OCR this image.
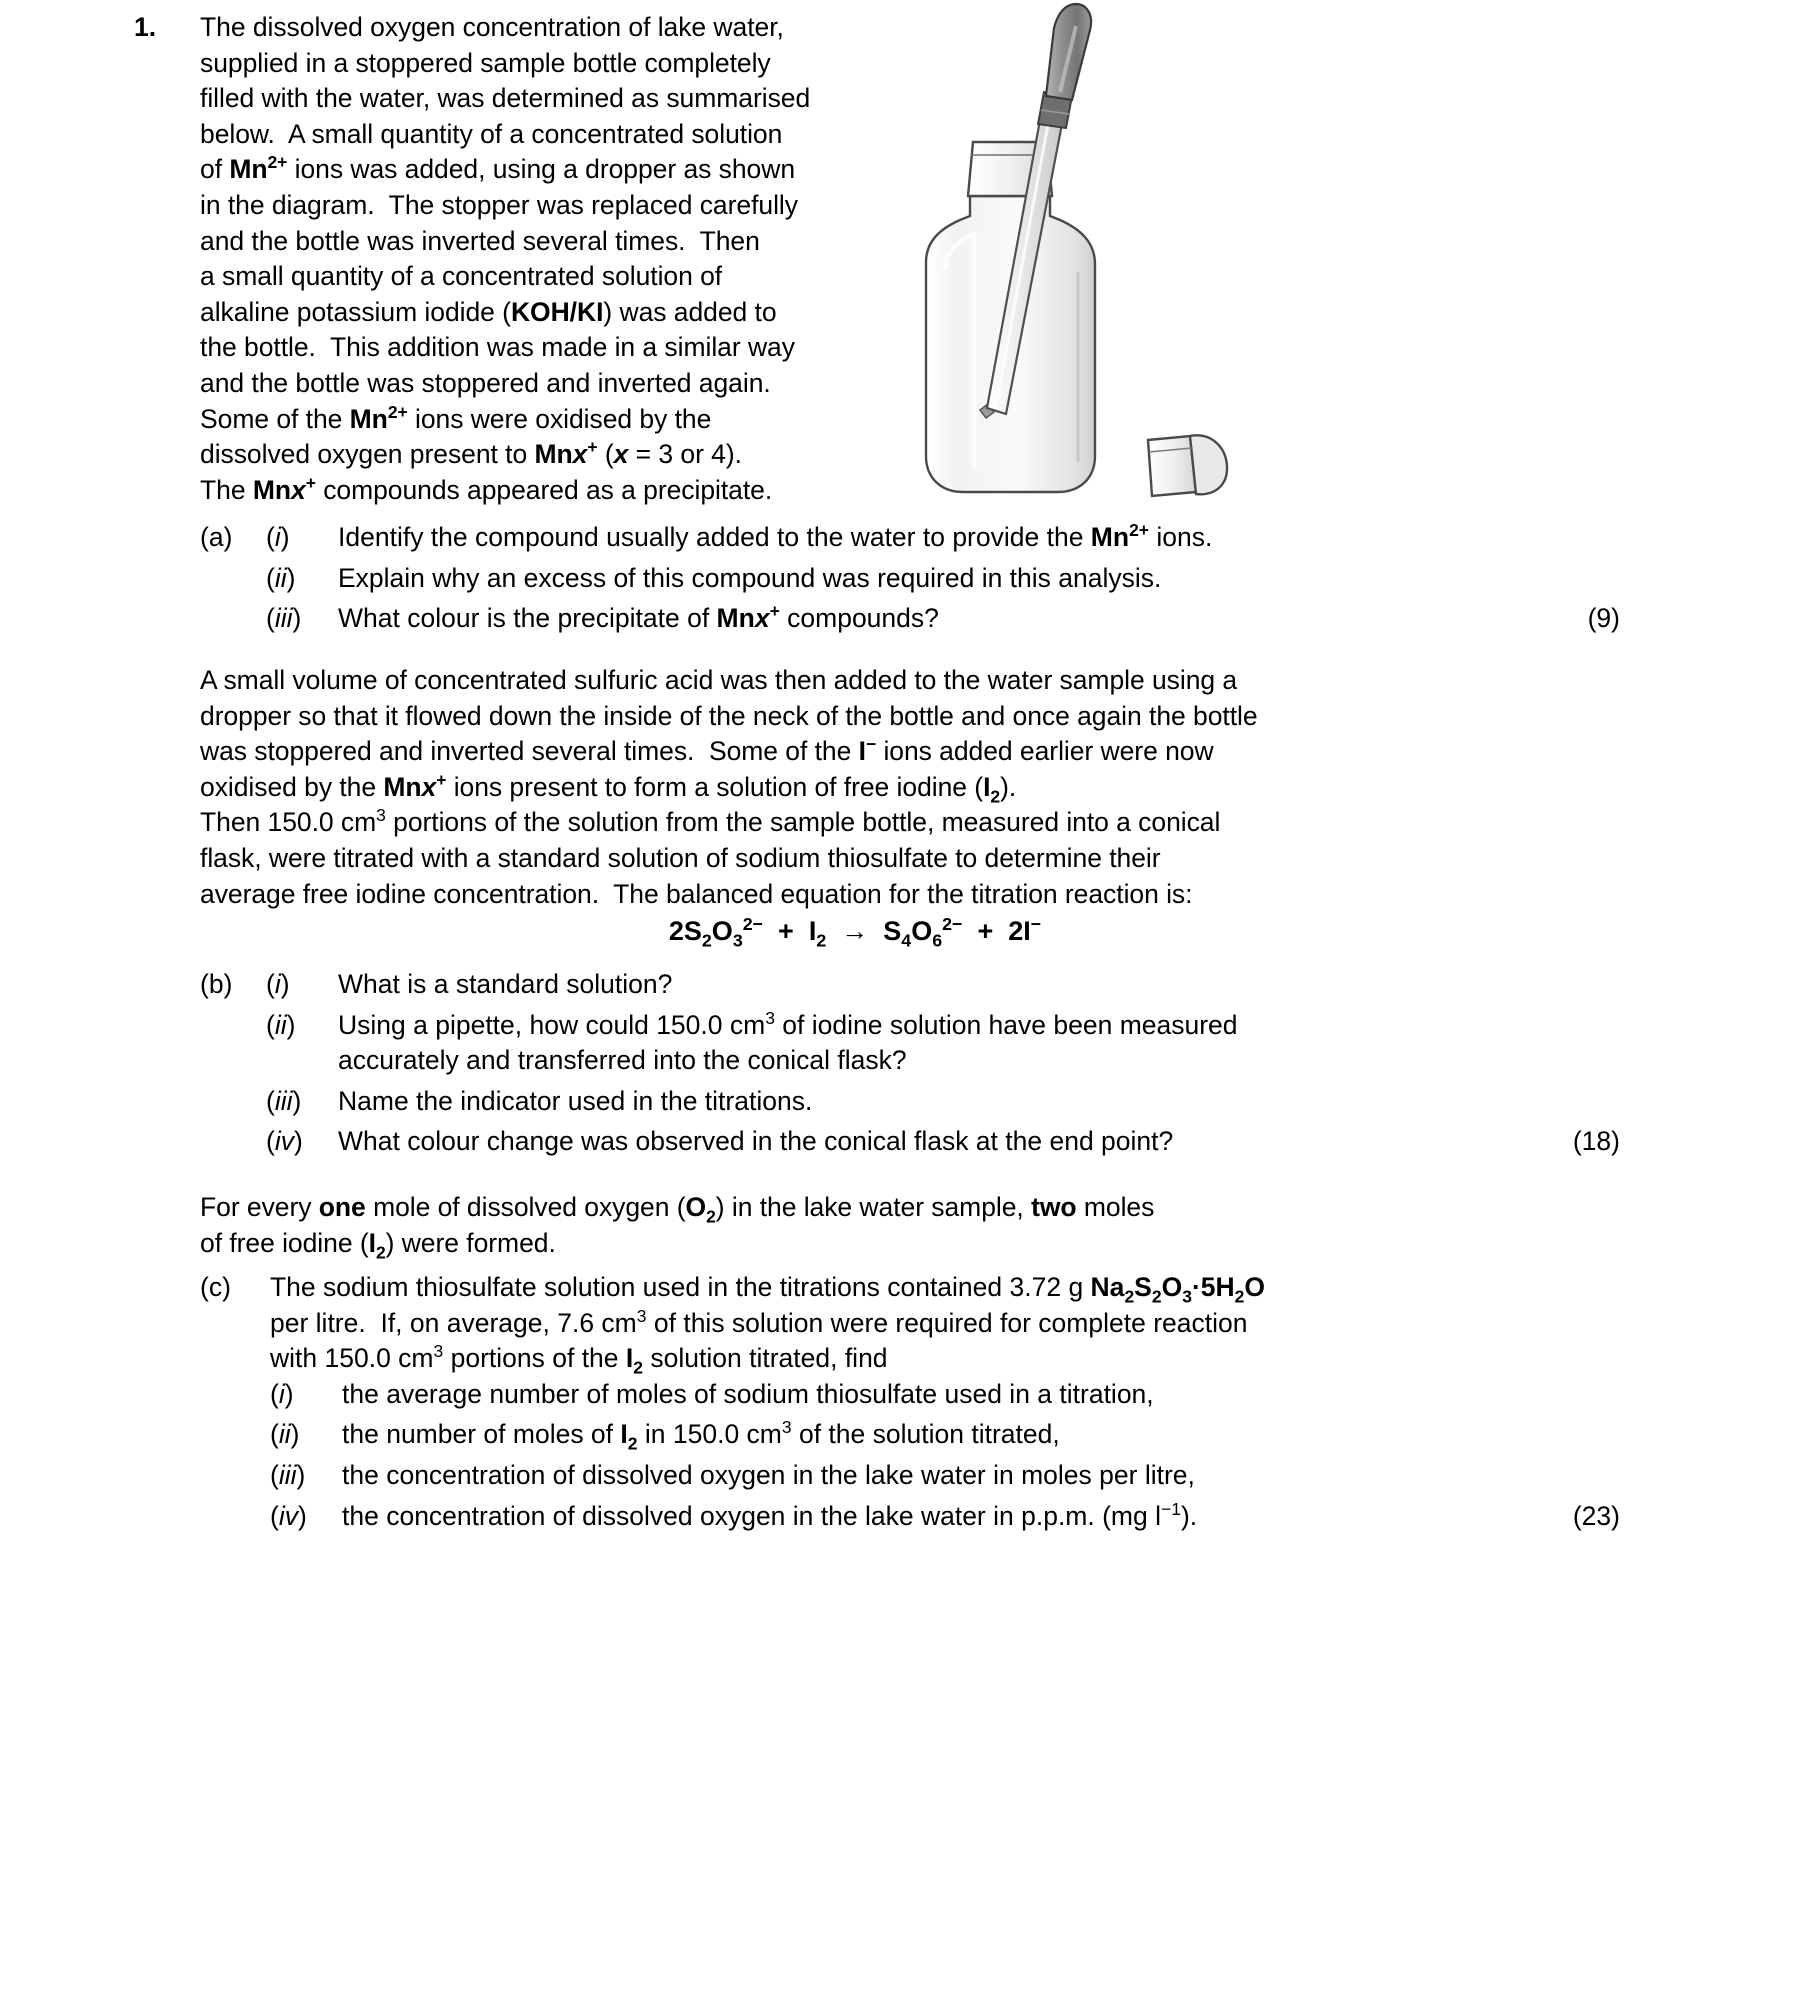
1. The dissolved oxygen concentration of lake water,

supplied in a stoppered sample bottle completely

filled with the water, was determined as summarised

below.  A small quantity of a concentrated solution

of $Mn^{2+}$ ions was added, using a dropper as shown

in the diagram.  The stopper was replaced carefully

and the bottle was inverted several times.  Then

a small quantity of a concentrated solution of

alkaline potassium iodide (KOH/KI) was added to

the bottle.  This addition was made in a similar way

and the bottle was stoppered and inverted again.

Some of the $Mn^{2+}$ ions were oxidised by the

dissolved oxygen present to Mnx+ (x = 3 or 4).

The Mnx+ compounds appeared as a precipitate.

(a)	(i)	Identify the compound usually added to the water to provide the $Mn^{2+}$ ions.
(ii)	Explain why an excess of this compound was required in this analysis.
(iii)	What colour is the precipitate of Mnx+ compounds?	(9)

A small volume of concentrated sulfuric acid was then added to the water sample using a

dropper so that it flowed down the inside of the neck of the bottle and once again the bottle

was stoppered and inverted several times.  Some of the I− ions added earlier were now

oxidised by the Mnx+ ions present to form a solution of free iodine $(I_2)$.

Then 150.0 $cm^3$ portions of the solution from the sample bottle, measured into a conical

flask, were titrated with a standard solution of sodium thiosulfate to determine their

average free iodine concentration.  The balanced equation for the titration reaction is:

$2S_2O_3^{2-} + I_2 \to S_4O_6^{2-} + 2I^-$
(b)	(i)	What is a standard solution?
(ii)	Using a pipette, how could 150.0 $cm^3$ of iodine solution have been measured
accurately and transferred into the conical flask?
(iii)	Name the indicator used in the titrations.
(iv)	What colour change was observed in the conical flask at the end point?	(18)

For every one mole of dissolved oxygen $(O_2)$ in the lake water sample, two moles

of free iodine $(I_2)$ were formed.

(c)	The sodium thiosulfate solution used in the titrations contained 3.72 g $Na_2S_2O_3\cdot 5H_2O$
per litre.  If, on average, 7.6 $cm^3$ of this solution were required for complete reaction
with 150.0 $cm^3$ portions of the $I_2$ solution titrated, find
(i)	the average number of moles of sodium thiosulfate used in a titration,
(ii)	the number of moles of $I_2$ in 150.0 $cm^3$ of the solution titrated,
(iii)	the concentration of dissolved oxygen in the lake water in moles per litre,
(iv)	the concentration of dissolved oxygen in the lake water in p.p.m. (mg $l^{-1}$).	(23)
